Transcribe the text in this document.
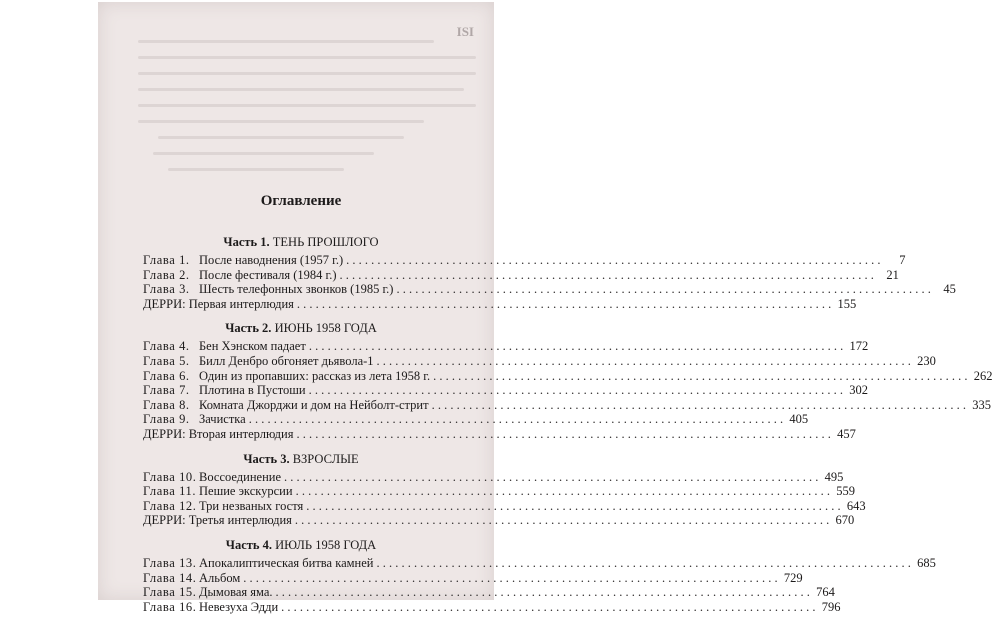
ISI
Оглавление
Часть 1. ТЕНЬ ПРОШЛОГО
Глава 1. После наводнения (1957 г.) . . .	7
Глава 2. После фестиваля (1984 г.) . . .	21
Глава 3. Шесть телефонных звонков (1985 г.) . . .	45
ДЕРРИ: Первая интерлюдия . . .	155
Часть 2. ИЮНЬ 1958 ГОДА
Глава 4. Бен Хэнском падает . . .	172
Глава 5. Билл Денбро обгоняет дьявола-1 . . .	230
Глава 6. Один из пропавших: рассказ из лета 1958 г. . . .	262
Глава 7. Плотина в Пустоши . . .	302
Глава 8. Комната Джорджи и дом на Нейболт-стрит . . .	335
Глава 9. Зачистка . . .	405
ДЕРРИ: Вторая интерлюдия . . .	457
Часть 3. ВЗРОСЛЫЕ
Глава 10. Воссоединение . . .	495
Глава 11. Пешие экскурсии . . .	559
Глава 12. Три незваных гостя . . .	643
ДЕРРИ: Третья интерлюдия . . .	670
Часть 4. ИЮЛЬ 1958 ГОДА
Глава 13. Апокалиптическая битва камней . . .	685
Глава 14. Альбом . . .	729
Глава 15. Дымовая яма. . . .	764
Глава 16. Невезуха Эдди . . .	796
